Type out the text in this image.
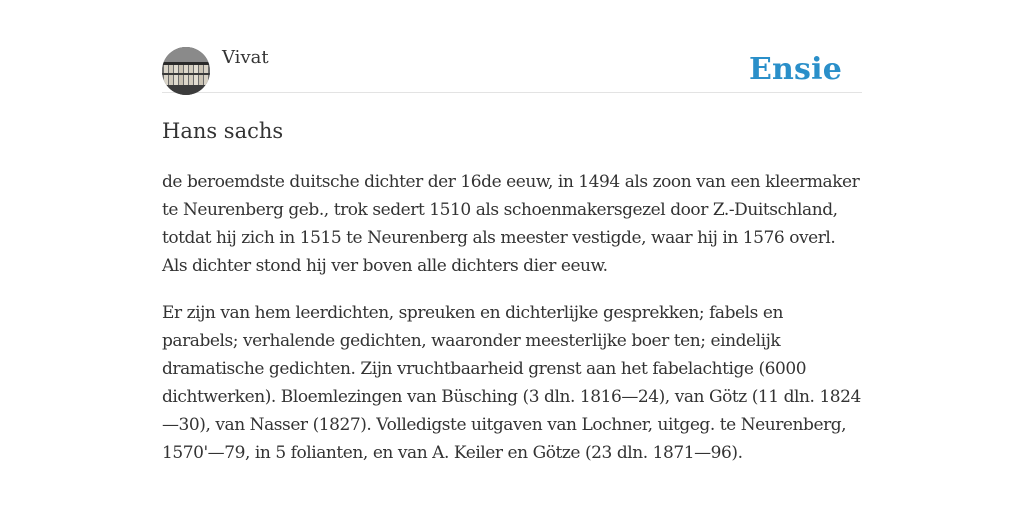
Vivat	Ensie
Hans sachs

de beroemdste duitsche dichter der 16de eeuw, in 1494 als zoon van een kleermaker te Neurenberg geb., trok sedert 1510 als schoenmakersgezel door Z.-Duitschland, totdat hij zich in 1515 te Neurenberg als meester vestigde, waar hij in 1576 overl. Als dichter stond hij ver boven alle dichters dier eeuw.

Er zijn van hem leerdichten, spreuken en dichterlijke gesprekken; fabels en parabels; verhalende gedichten, waaronder meesterlijke boer ten; eindelijk dramatische gedichten. Zijn vruchtbaarheid grenst aan het fabelachtige (6000 dichtwerken). Bloemlezingen van Büsching (3 dln. 1816—24), van Götz (11 dln. 1824—30), van Nasser (1827). Volledigste uitgaven van Lochner, uitgeg. te Neurenberg, 1570'—79, in 5 folianten, en van A. Keiler en Götze (23 dln. 1871—96).
